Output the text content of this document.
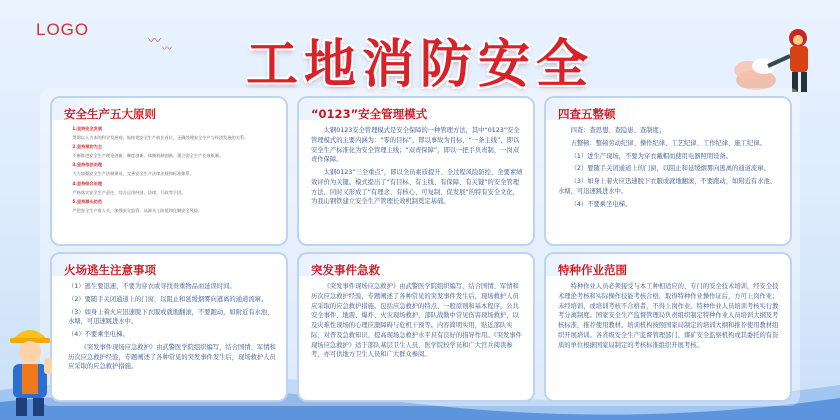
LOGO
〰
〰	工地消防安全
安全生产五大原则

1.坚持安全发展

贯彻以人为本的科学发展观，始终把安全生产放在首位，正确处理安全生产与经济发展的关系。

2.坚持预防为主

不断推进安全生产理论创新、制度创新、体制机制创新，建立安全生产长效机制。

3.坚持依法治理

大力加强安全生产法制建设，完善安全生产法律法规和标准体系。

4.坚持综合治理

严格落实安全生产责任，综合运用经济、法律、行政等手段。

5.坚持源头防范

严把安全生产准入关，加强安全监管，从源头上防范和化解安全风险。

“0123”安全管理模式

太钢0123安全管理模式是安全保障的一种管理方法，其中“0123”安全管理模式的主要内涵为：“零的目标”，即以事故为目标，“一条主线”，即以安全生产标准化为安全管理主线；“双责保障”，即以一把手负责制，一岗双责作保障。

太钢0123“三全重点”，即以全员素质提升、全过程风险防控、全要素绩效评价为关键。模式提出了“有目标、有主线、有保障、有关键”的安全管理方法，同时又形成了“有理念、有核心、可复制、促发展”的特有安全文化，为我山钢铁建立安全生产管理长效机制奠定基础。

四查五整顿

四查：查思想、查隐患、查制度；

五整顿：整顿劳动纪律、操作纪律、工艺纪律、工作纪律、施工纪律。

（1）进生产现场，不要为穿衣戴帽而使用电器照明设备。

（2）要随手关闭通道上的门窗，以阻止和延缓烟雾向逃离的通道流窜。

（3）如身上着火应迅速脱下衣服或就地翻滚，不要跑动，如附近有水池、水塘，可迅速跳进水中。

（4）不要乘坐电梯。

火场逃生注意事项

（1）逃生要迅速，不要为穿衣或寻找贵重物品而延误时间。

（2）要随手关闭通道上的门窗，以阻止和延缓烟雾向逃离的通道流窜。

（3）如身上着火应迅速脱下衣服或就地翻滚，不要跑动，如附近有水池、水塘，可迅速跳进水中。

（4）不要乘坐电梯。

《突发事件现场应急救护》由武警医学院组织编写，结合国情、军情和历次应急救护经验，专题阐述了各种常见的突发事件发生后，现场救护人员应采取的应急救护措施。

突发事件急救

《突发事件现场应急救护》由武警医学院组织编写，结合国情、军情和历次应急救护经验，专题阐述了各种常见的突发事件发生后，现场救护人员应采取的应急救护措施。包括应急救护的特点、一般原则和基本程序，公共安全事件、地震、爆炸、火灾现场救护，部队战勤中常见伤害现场救护，以及灾难性现场的心理应激障碍与危机干预等。内容简明实用，贴近部队实际，对普及急救知识、提高现场急救护水平具有良好的指导作用。《突发事件现场应急救护》适于部队基层卫生人员、医学院校学员和广大官兵阅读参考，亦可供地方卫生人员和广大群众参阅。

特种作业范围

特种作业人员必须接受与本工种相适应的、专门的安全技术培训，经安全技术理论考核和实际操作技能考核合格，取得特种作业操作证后，方可上岗作业；未经培训，或培训考核不合格者，不得上岗作业。特种作业人员培训考核实行教考分离制度。国家安全生产监督管理局负责组织制定特种作业人员培训大纲及考核标准，推荐使用教材。培训机构按照国家局制定的培训大纲和推荐使用教材组织开展培训。各省级安全生产监督管理部门、煤矿安全监察机构或其委托的有资质的单位根据国家局制定的考核标准组织开展考核。
